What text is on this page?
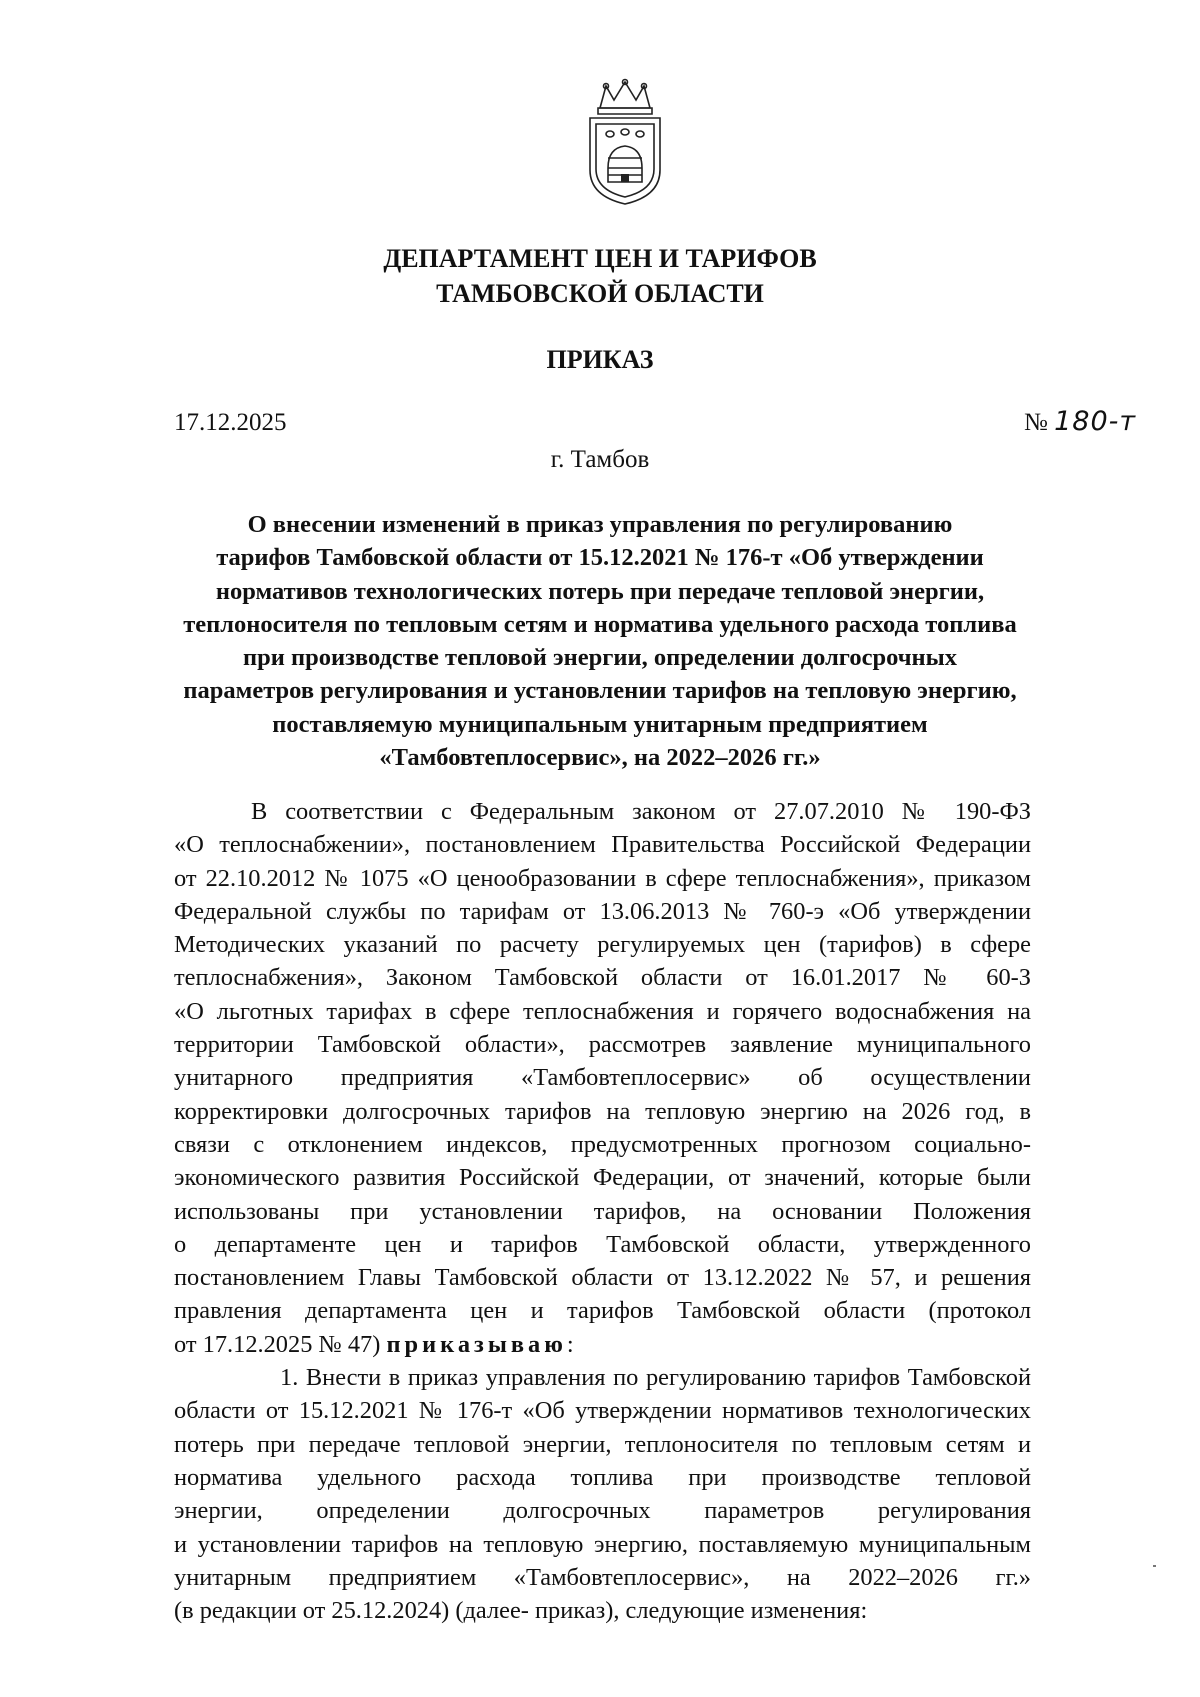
ДЕПАРТАМЕНТ ЦЕН И ТАРИФОВ
ТАМБОВСКОЙ ОБЛАСТИ
ПРИКАЗ
17.12.2025	№ 180-т
г. Тамбов
О внесении изменений в приказ управления по регулированию
тарифов Тамбовской области от 15.12.2021 № 176-т «Об утверждении
нормативов технологических потерь при передаче тепловой энергии,
теплоносителя по тепловым сетям и норматива удельного расхода топлива
при производстве тепловой энергии, определении долгосрочных
параметров регулирования и установлении тарифов на тепловую энергию,
поставляемую муниципальным унитарным предприятием
«Тамбовтеплосервис», на 2022–2026 гг.»
В соответствии с Федеральным законом от 27.07.2010 № 190-ФЗ
«О теплоснабжении», постановлением Правительства Российской Федерации
от 22.10.2012 № 1075 «О ценообразовании в сфере теплоснабжения», приказом
Федеральной службы по тарифам от 13.06.2013 № 760-э «Об утверждении
Методических указаний по расчету регулируемых цен (тарифов) в сфере
теплоснабжения», Законом Тамбовской области от 16.01.2017 № 60-З
«О льготных тарифах в сфере теплоснабжения и горячего водоснабжения на
территории Тамбовской области», рассмотрев заявление муниципального
унитарного предприятия «Тамбовтеплосервис» об осуществлении
корректировки долгосрочных тарифов на тепловую энергию на 2026 год, в
связи с отклонением индексов, предусмотренных прогнозом социально-
экономического развития Российской Федерации, от значений, которые были
использованы при установлении тарифов, на основании Положения
о департаменте цен и тарифов Тамбовской области, утвержденного
постановлением Главы Тамбовской области от 13.12.2022 № 57, и решения
правления департамента цен и тарифов Тамбовской области (протокол
от 17.12.2025 № 47) приказываю:
1. Внести в приказ управления по регулированию тарифов Тамбовской
области от 15.12.2021 № 176-т «Об утверждении нормативов технологических
потерь при передаче тепловой энергии, теплоносителя по тепловым сетям и
норматива удельного расхода топлива при производстве тепловой
энергии, определении долгосрочных параметров регулирования
и установлении тарифов на тепловую энергию, поставляемую муниципальным
унитарным предприятием «Тамбовтеплосервис», на 2022–2026 гг.»
(в редакции от 25.12.2024) (далее- приказ), следующие изменения:
